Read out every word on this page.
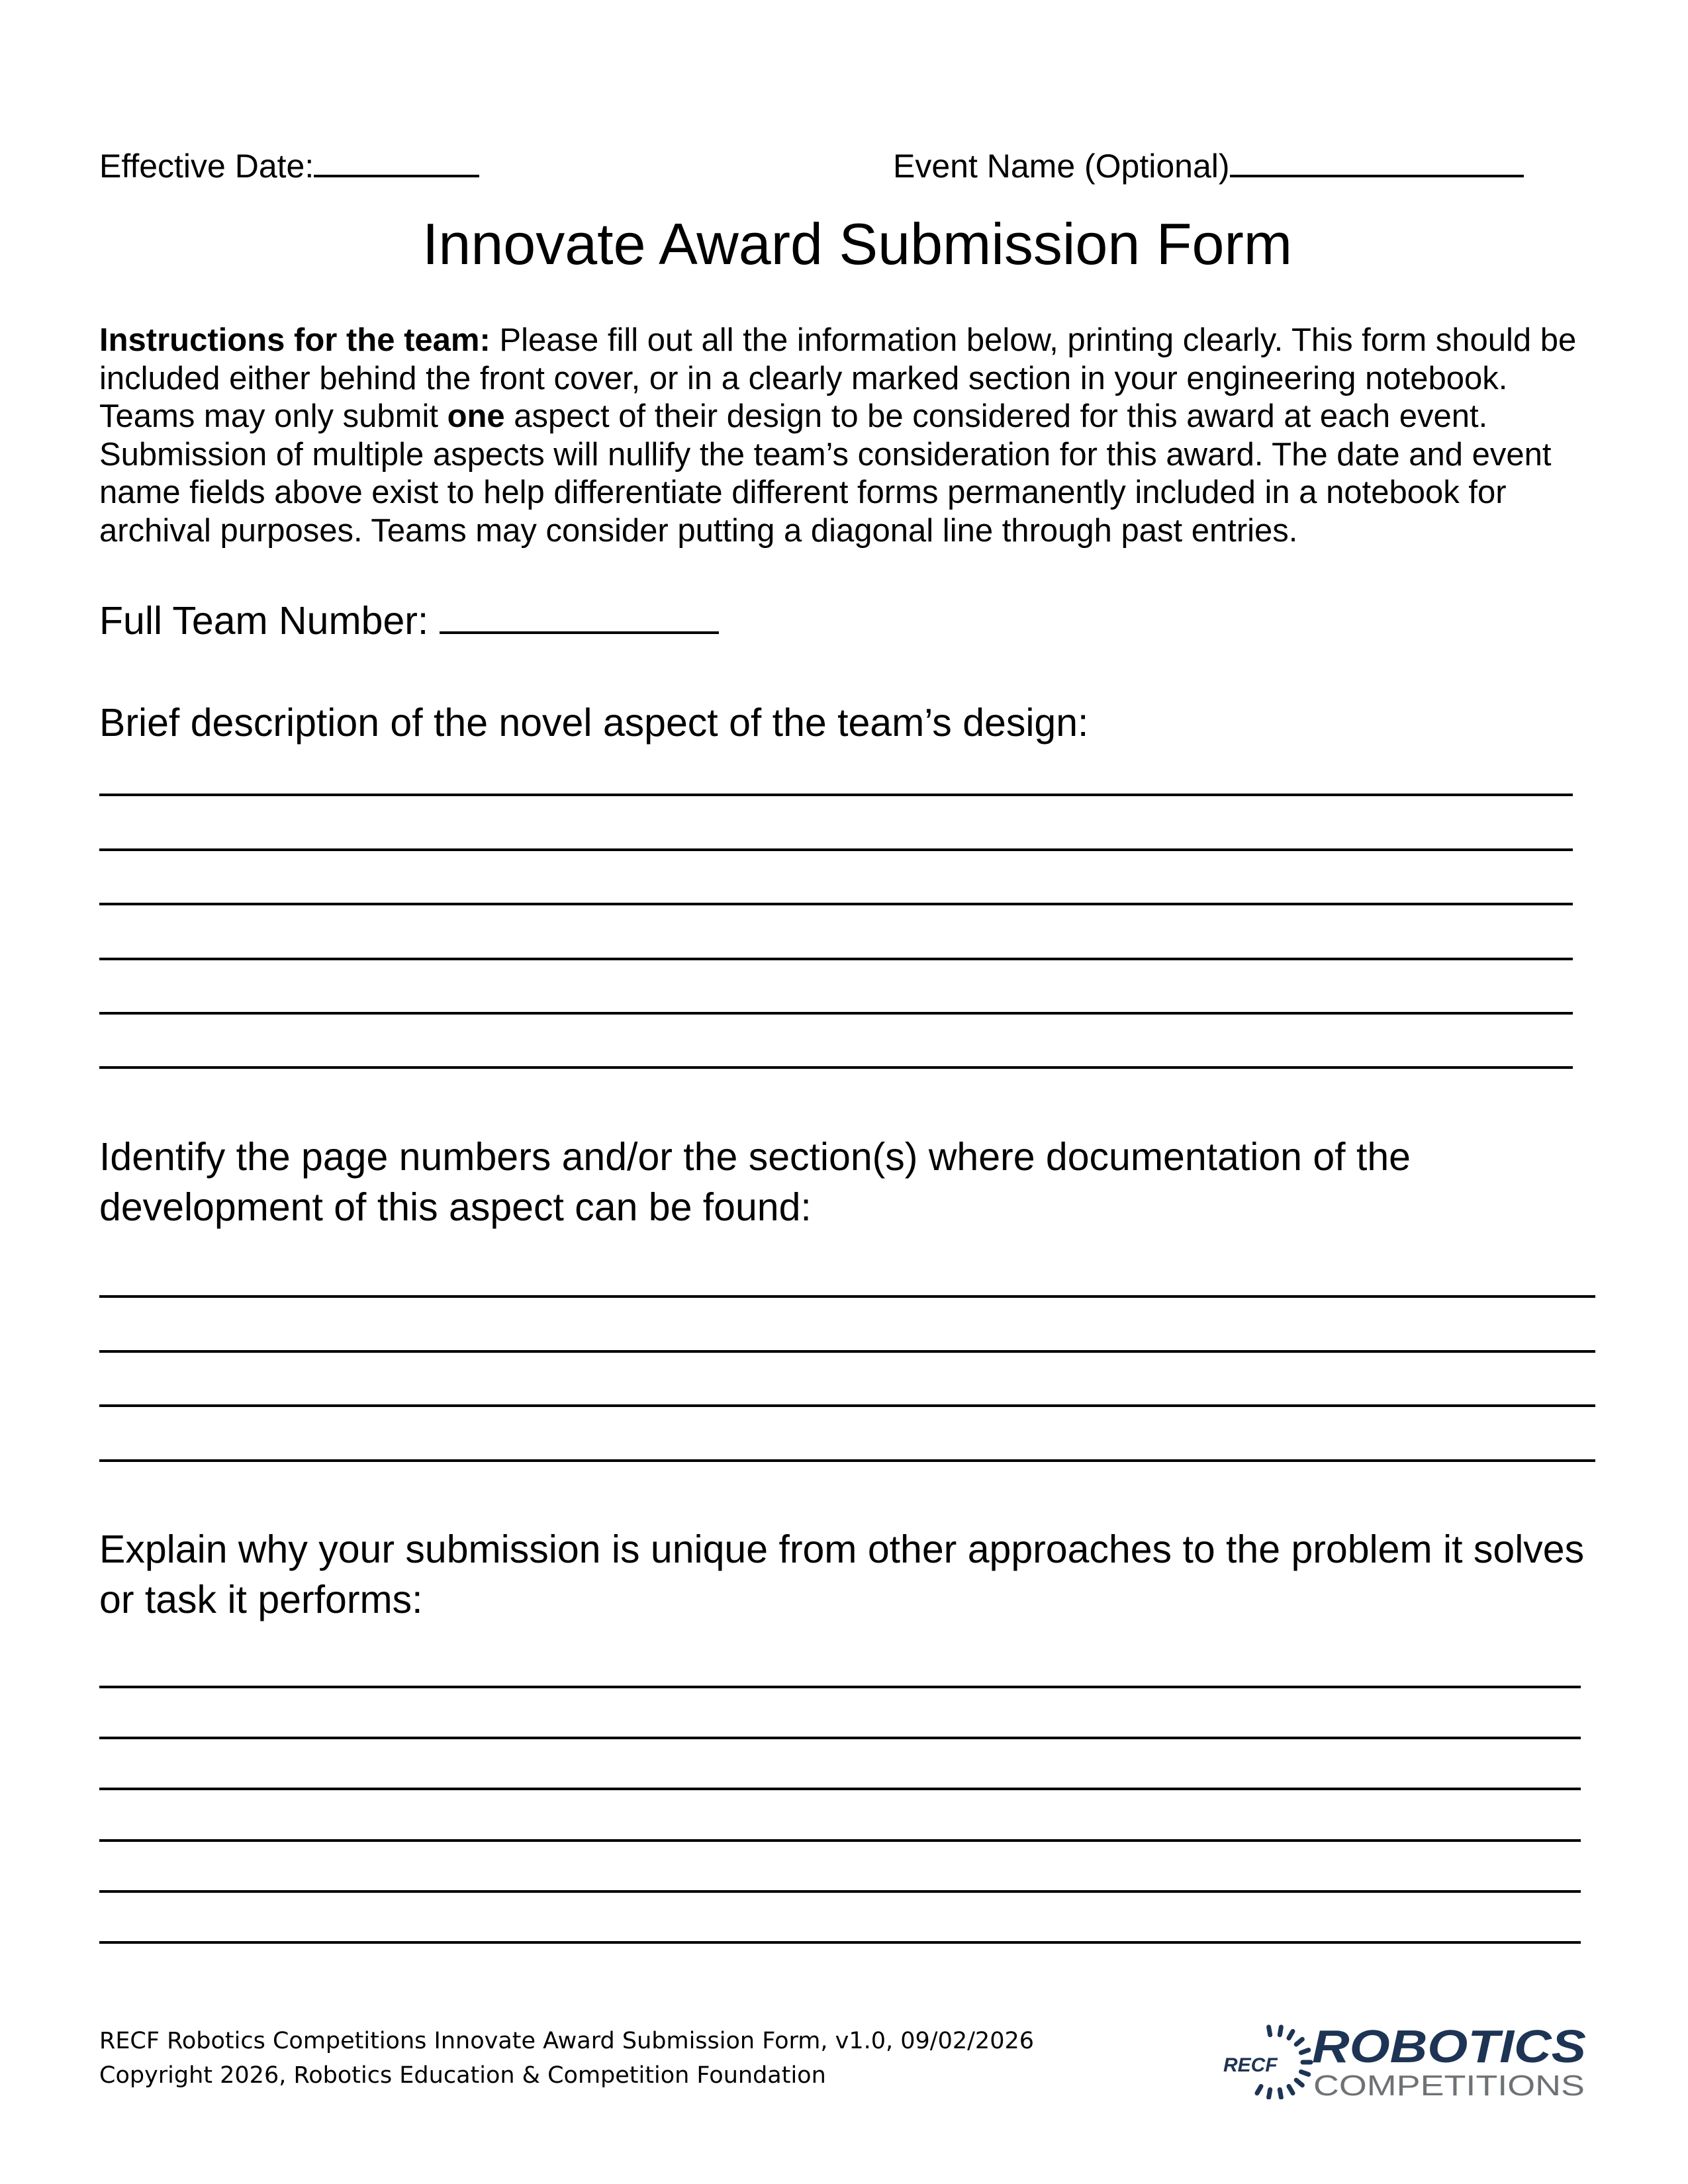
Effective Date:	Event Name (Optional)
Innovate Award Submission Form
Instructions for the team: Please fill out all the information below, printing clearly. This form should be included either behind the front cover, or in a clearly marked section in your engineering notebook. Teams may only submit one aspect of their design to be considered for this award at each event. Submission of multiple aspects will nullify the team’s consideration for this award. The date and event name fields above exist to help differentiate different forms permanently included in a notebook for archival purposes. Teams may consider putting a diagonal line through past entries.
Full Team Number:
Brief description of the novel aspect of the team’s design:
Identify the page numbers and/or the section(s) where documentation of the development of this aspect can be found:
Explain why your submission is unique from other approaches to the problem it solves or task it performs:
RECF Robotics Competitions Innovate Award Submission Form, v1.0, 09/02/2026
Copyright 2026, Robotics Education & Competition Foundation	RECF ROBOTICS
COMPETITIONS
